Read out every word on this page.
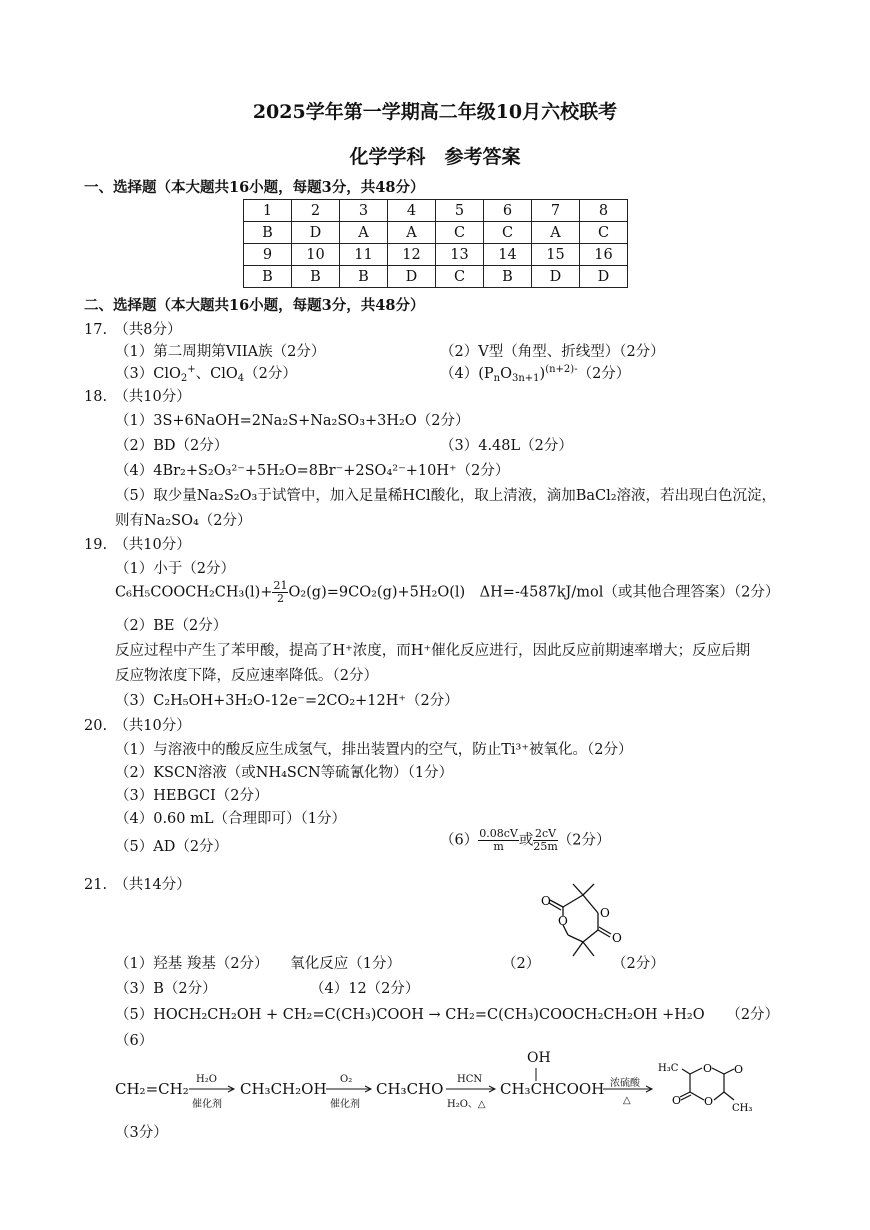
2025学年第一学期高二年级10月六校联考
化学学科　参考答案
一、选择题（本大题共16小题，每题3分，共48分）
1	2	3	4	5	6	7	8
B	D	A	A	C	C	A	C
9	10	11	12	13	14	15	16
B	B	B	D	C	B	D	D
二、选择题（本大题共16小题，每题3分，共48分）
17.　（共8分）
（1）第二周期第VIIA族（2分）	（2）V型（角型、折线型）（2分）
（3）ClO$_2$+、ClO$_4$（2分）	$(4)(P_nO_{3n+1})^{(n+2)-}(2$分）
18.　（共10分）
（1）3S+6NaOH=2Na₂S+Na₂SO₃+3H₂O（2分）
（2）BD（2分）	（3）4.48L（2分）
（4）4Br₂+S₂O₃²⁻+5H₂O=8Br⁻+2SO₄²⁻+10H⁺（2分）
（5）取少量Na₂S₂O₃于试管中，加入足量稀HCl酸化，取上清液，滴加BaCl₂溶液，若出现白色沉淀，
则有Na₂SO₄（2分）
19.　（共10分）
（1）小于（2分）
C₆H₅COOCH₂CH₃(l)+ $\frac{21}{2} O_2(g)=9CO_2(g)+5H_2O(l)$　ΔH=-4587kJ/mol（或其他合理答案）（2分）
（2）BE（2分）
反应过程中产生了苯甲酸，提高了H⁺浓度，而H⁺催化反应进行，因此反应前期速率增大；反应后期
反应物浓度下降，反应速率降低。（2分）
（3）C₂H₅OH+3H₂O-12e⁻=2CO₂+12H⁺（2分）
20.　（共10分）
（1）与溶液中的酸反应生成氢气，排出装置内的空气，防止Ti³⁺被氧化。（2分）
（2）KSCN溶液（或NH₄SCN等硫氰化物）（1分）
（3）HEBGCI（2分）
（4）0.60 mL（合理即可）（1分）
（5）AD（2分）	$(6) \frac{0.08cV}{m}$ 或 $\frac{2cV}{25m} (2$分）
21.　（共14分）
（1）羟基 羧基（2分）　　氧化反应（1分）	（2）
O
O
O
O
（2分）
（3）B（2分）	（4）12（2分）
（5）HOCH₂CH₂OH + CH₂=C(CH₃)COOH → CH₂=C(CH₃)COOCH₂CH₂OH +H₂O　　（2分）
（6）
CH₂=CH₂
H₂O
催化剂
CH₃CH₂OH
O₂
催化剂
CH₃CHO
HCN
H₂O、△
OH
CH₃CHCOOH 浓硫酸
△
O
O
O
O
H₃C
CH₃
（3分）
